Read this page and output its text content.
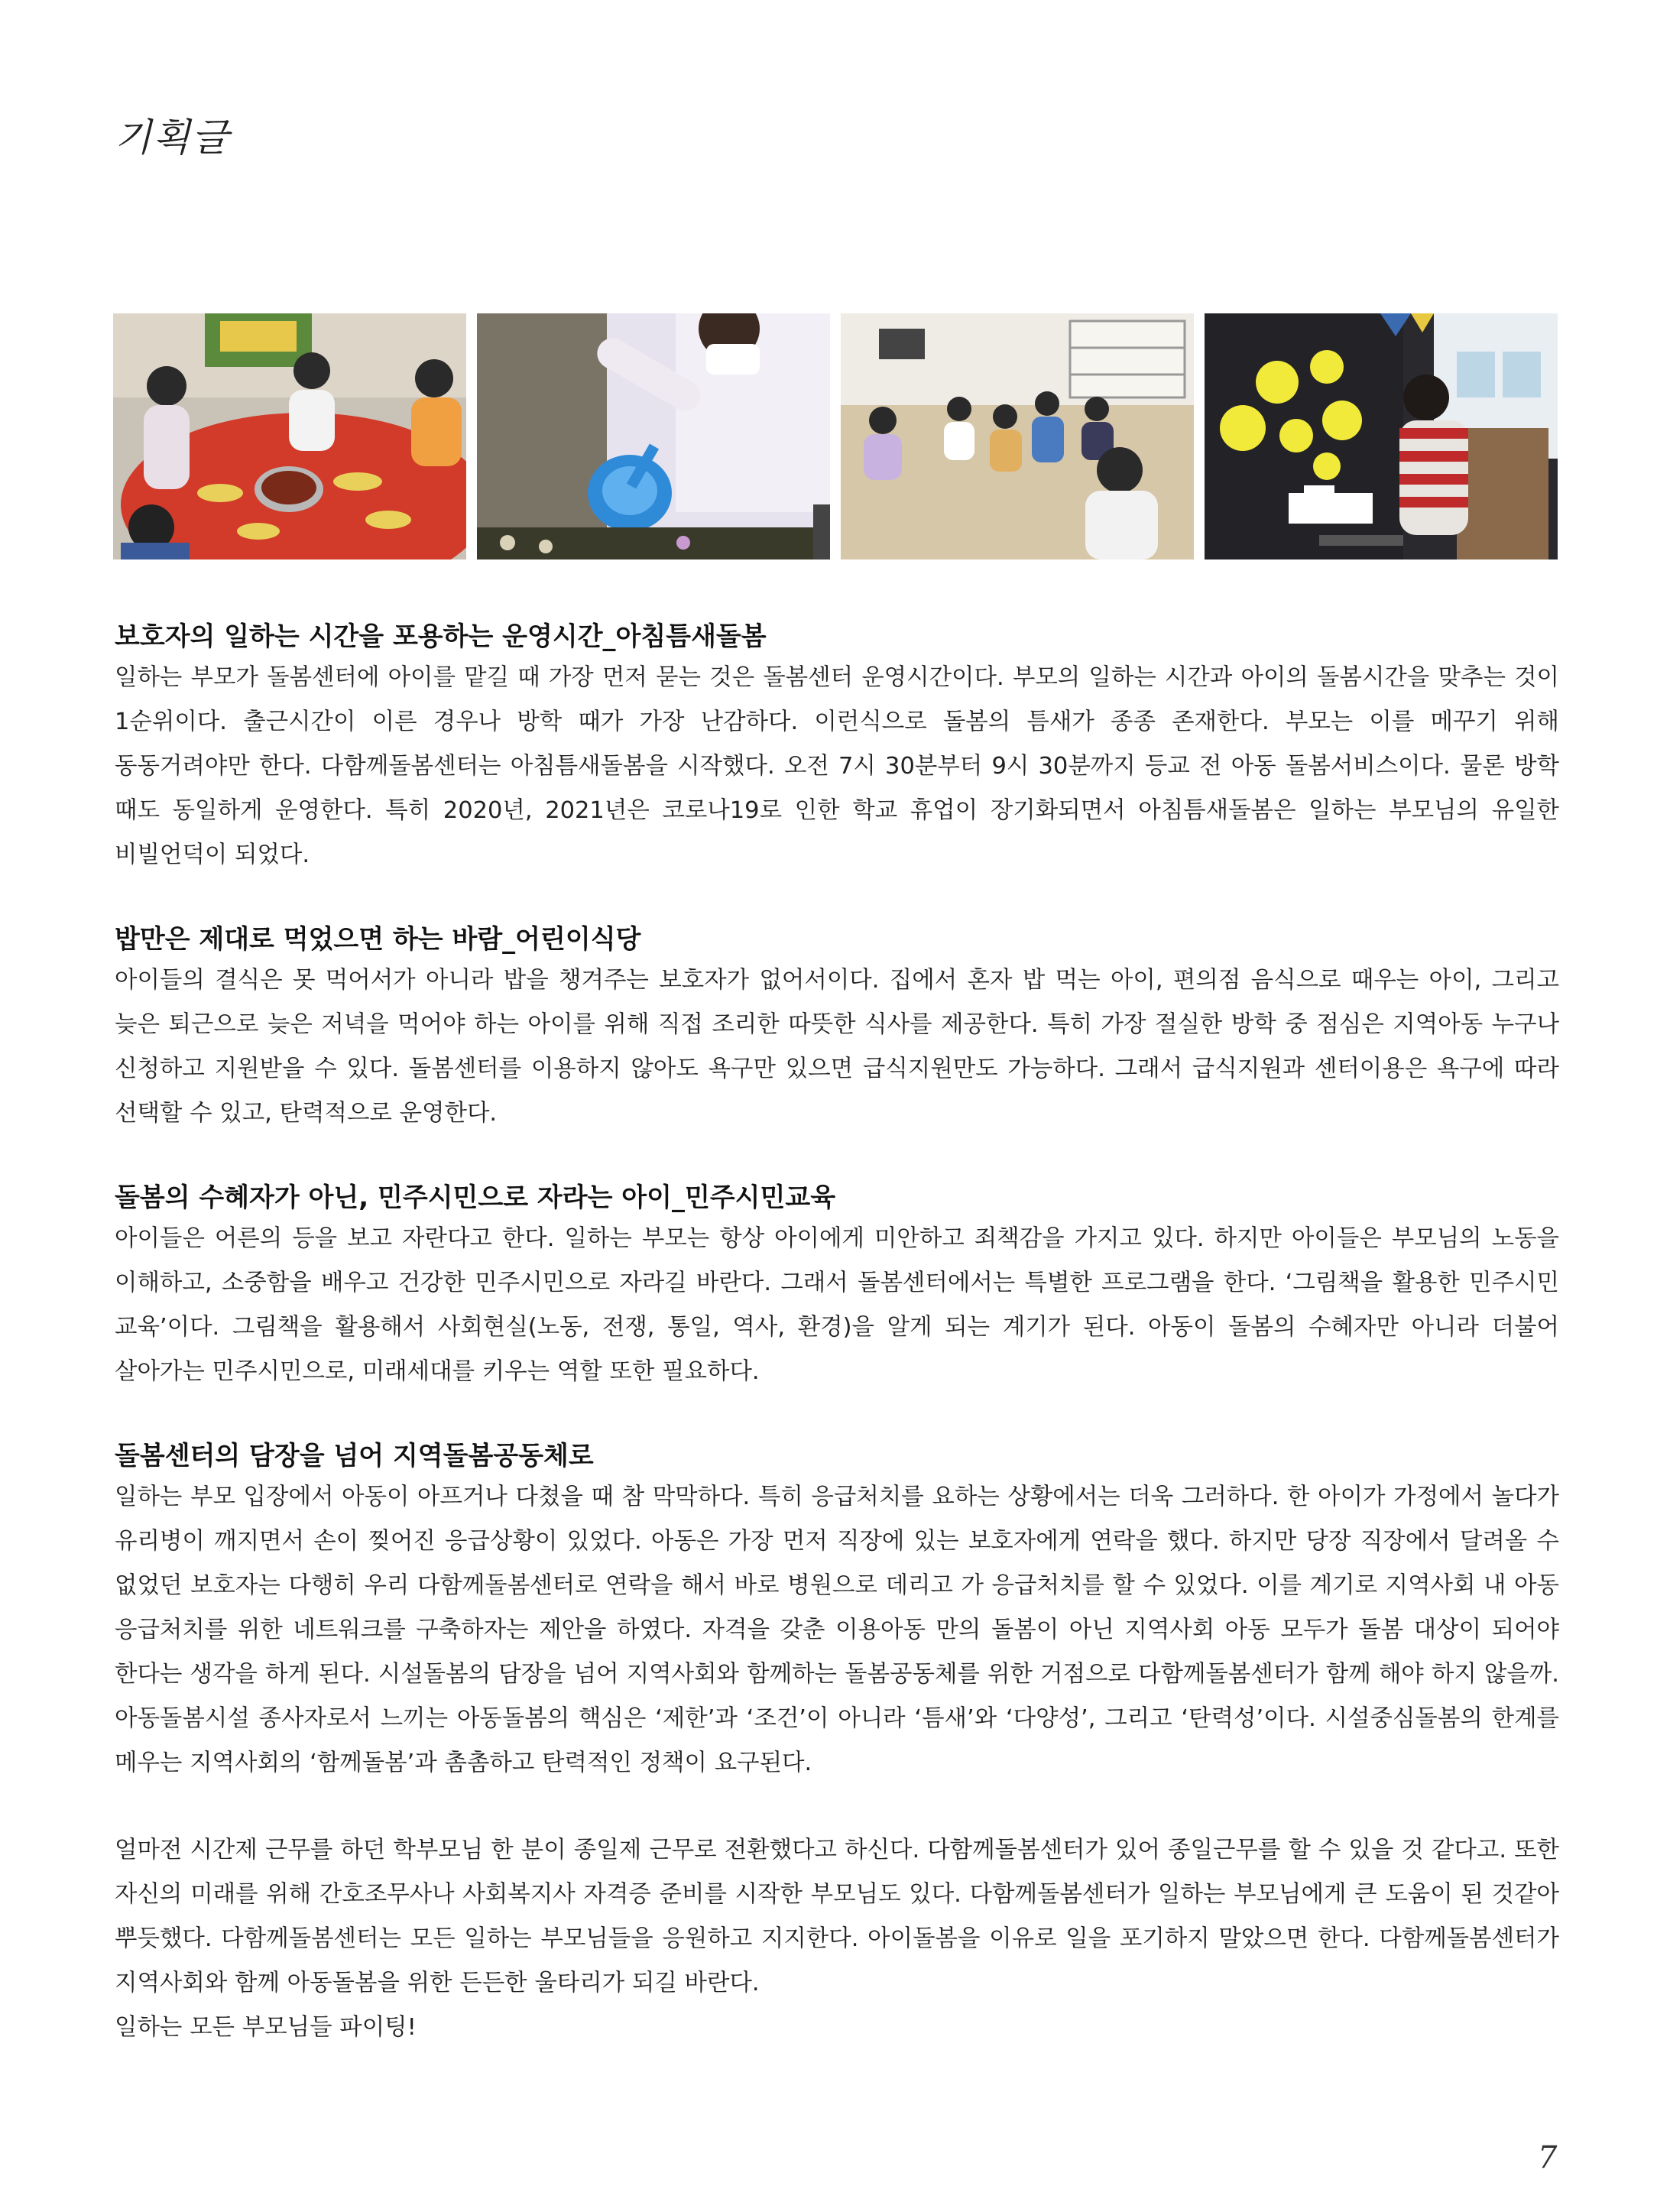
기획글
보호자의 일하는 시간을 포용하는 운영시간_아침틈새돌봄

일하는 부모가 돌봄센터에 아이를 맡길 때 가장 먼저 묻는 것은 돌봄센터 운영시간이다. 부모의 일하는 시간과 아이의 돌봄시간을 맞추는 것이 1순위이다. 출근시간이 이른 경우나 방학 때가 가장 난감하다. 이런식으로 돌봄의 틈새가 종종 존재한다. 부모는 이를 메꾸기 위해 동동거려야만 한다. 다함께돌봄센터는 아침틈새돌봄을 시작했다. 오전 7시 30분부터 9시 30분까지 등교 전 아동 돌봄서비스이다. 물론 방학 때도 동일하게 운영한다. 특히 2020년, 2021년은 코로나19로 인한 학교 휴업이 장기화되면서 아침틈새돌봄은 일하는 부모님의 유일한 비빌언덕이 되었다.

밥만은 제대로 먹었으면 하는 바람_어린이식당

아이들의 결식은 못 먹어서가 아니라 밥을 챙겨주는 보호자가 없어서이다. 집에서 혼자 밥 먹는 아이, 편의점 음식으로 때우는 아이, 그리고 늦은 퇴근으로 늦은 저녁을 먹어야 하는 아이를 위해 직접 조리한 따뜻한 식사를 제공한다. 특히 가장 절실한 방학 중 점심은 지역아동 누구나 신청하고 지원받을 수 있다. 돌봄센터를 이용하지 않아도 욕구만 있으면 급식지원만도 가능하다. 그래서 급식지원과 센터이용은 욕구에 따라 선택할 수 있고, 탄력적으로 운영한다.

돌봄의 수혜자가 아닌, 민주시민으로 자라는 아이_민주시민교육

아이들은 어른의 등을 보고 자란다고 한다. 일하는 부모는 항상 아이에게 미안하고 죄책감을 가지고 있다. 하지만 아이들은 부모님의 노동을 이해하고, 소중함을 배우고 건강한 민주시민으로 자라길 바란다. 그래서 돌봄센터에서는 특별한 프로그램을 한다. ‘그림책을 활용한 민주시민 교육’이다. 그림책을 활용해서 사회현실(노동, 전쟁, 통일, 역사, 환경)을 알게 되는 계기가 된다. 아동이 돌봄의 수혜자만 아니라 더불어 살아가는 민주시민으로, 미래세대를 키우는 역할 또한 필요하다.

돌봄센터의 담장을 넘어 지역돌봄공동체로

일하는 부모 입장에서 아동이 아프거나 다쳤을 때 참 막막하다. 특히 응급처치를 요하는 상황에서는 더욱 그러하다. 한 아이가 가정에서 놀다가 유리병이 깨지면서 손이 찢어진 응급상황이 있었다. 아동은 가장 먼저 직장에 있는 보호자에게 연락을 했다. 하지만 당장 직장에서 달려올 수 없었던 보호자는 다행히 우리 다함께돌봄센터로 연락을 해서 바로 병원으로 데리고 가 응급처치를 할 수 있었다. 이를 계기로 지역사회 내 아동 응급처치를 위한 네트워크를 구축하자는 제안을 하였다. 자격을 갖춘 이용아동 만의 돌봄이 아닌 지역사회 아동 모두가 돌봄 대상이 되어야 한다는 생각을 하게 된다. 시설돌봄의 담장을 넘어 지역사회와 함께하는 돌봄공동체를 위한 거점으로 다함께돌봄센터가 함께 해야 하지 않을까. 아동돌봄시설 종사자로서 느끼는 아동돌봄의 핵심은 ‘제한’과 ‘조건’이 아니라 ‘틈새’와 ‘다양성’, 그리고 ‘탄력성’이다. 시설중심돌봄의 한계를 메우는 지역사회의 ‘함께돌봄’과 촘촘하고 탄력적인 정책이 요구된다.

얼마전 시간제 근무를 하던 학부모님 한 분이 종일제 근무로 전환했다고 하신다. 다함께돌봄센터가 있어 종일근무를 할 수 있을 것 같다고. 또한 자신의 미래를 위해 간호조무사나 사회복지사 자격증 준비를 시작한 부모님도 있다. 다함께돌봄센터가 일하는 부모님에게 큰 도움이 된 것같아 뿌듯했다. 다함께돌봄센터는 모든 일하는 부모님들을 응원하고 지지한다. 아이돌봄을 이유로 일을 포기하지 말았으면 한다. 다함께돌봄센터가 지역사회와 함께 아동돌봄을 위한 든든한 울타리가 되길 바란다.

일하는 모든 부모님들 파이팅!

7
